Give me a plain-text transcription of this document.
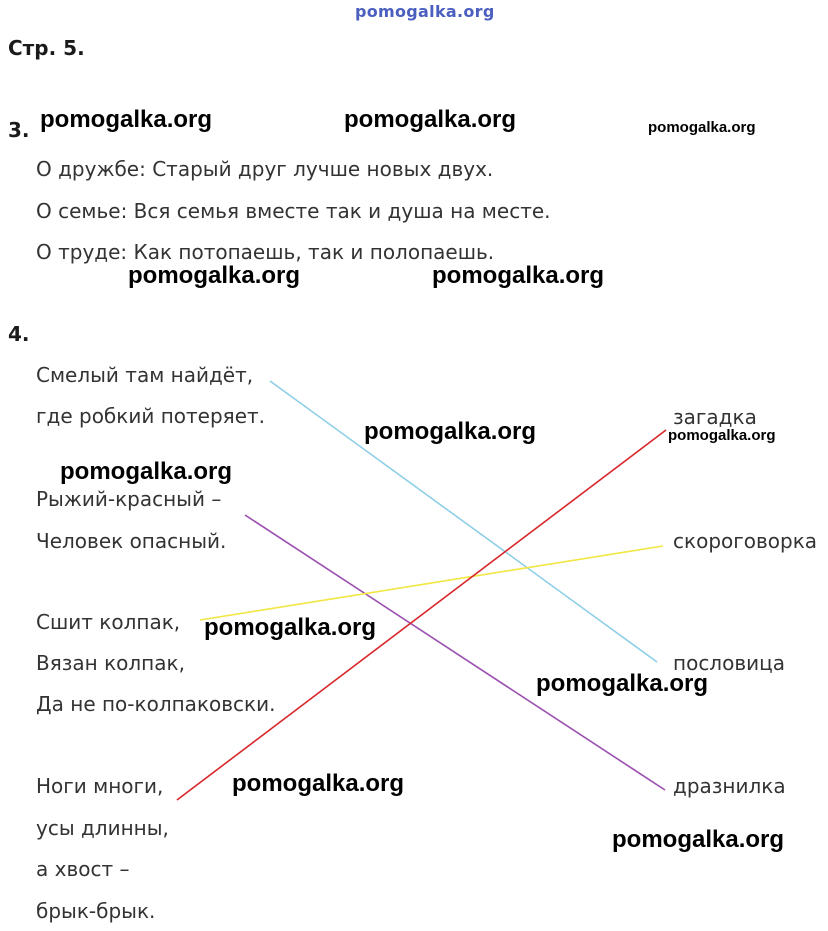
pomogalka.org
Стр. 5.
3.
О дружбе: Старый друг лучше новых двух.
О семье: Вся семья вместе так и душа на месте.
О труде: Как потопаешь, так и полопаешь.
4.
Смелый там найдёт,
где робкий потеряет.
Рыжий-красный –
Человек опасный.
Сшит колпак,
Вязан колпак,
Да не по-колпаковски.
Ноги многи,
усы длинны,
а хвост –
брык-брык.
загадка
скороговорка
пословица
дразнилка
pomogalka.org	pomogalka.org	pomogalka.org
pomogalka.org	pomogalka.org
pomogalka.org	pomogalka.org
pomogalka.org
pomogalka.org
pomogalka.org
pomogalka.org
pomogalka.org
